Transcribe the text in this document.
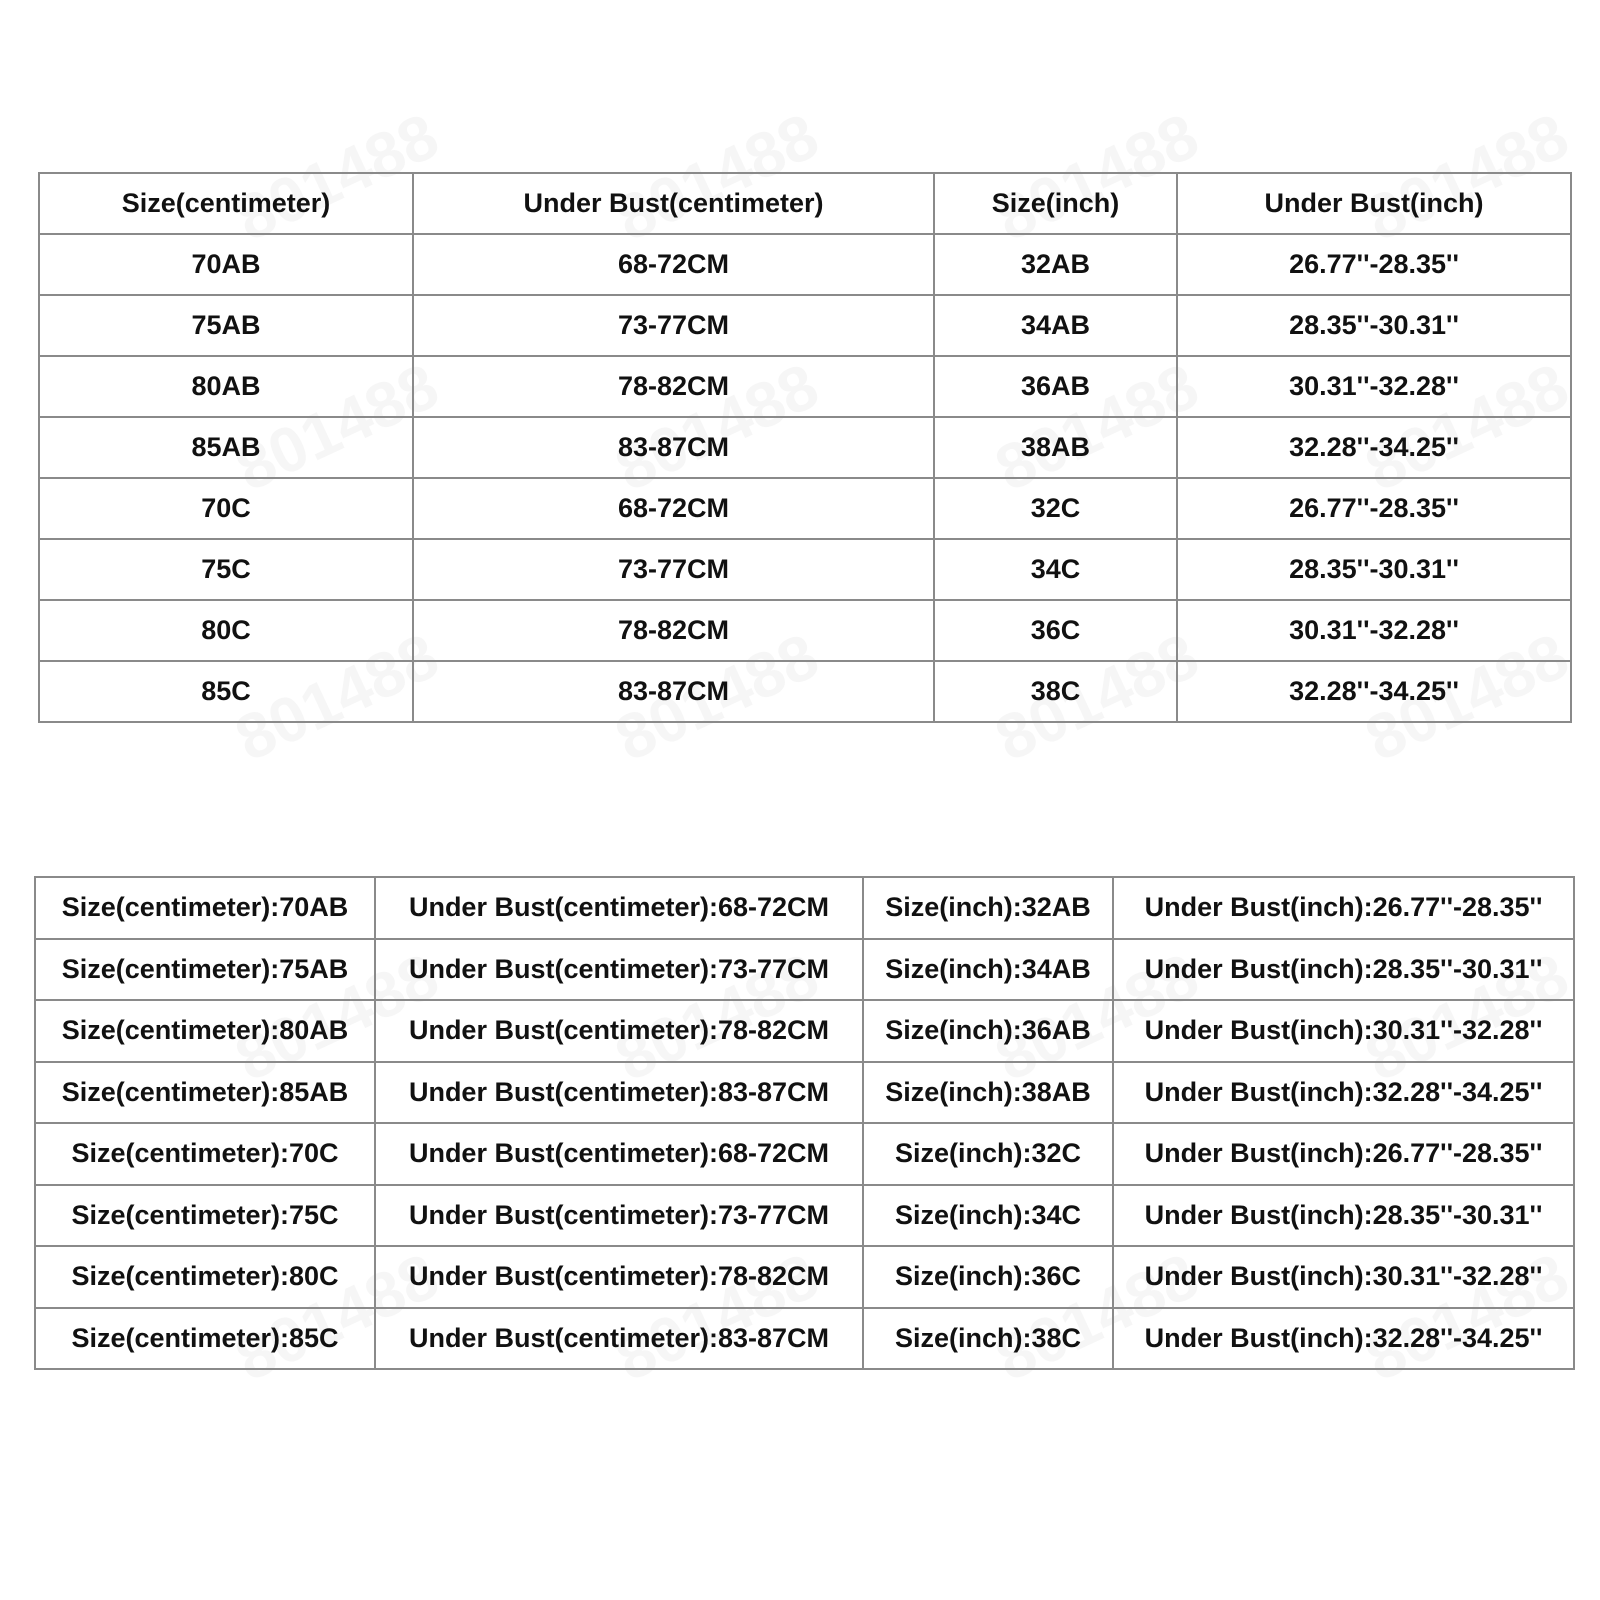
Size(centimeter)	Under Bust(centimeter)	Size(inch)	Under Bust(inch)
70AB	68-72CM	32AB	26.77''-28.35''
75AB	73-77CM	34AB	28.35''-30.31''
80AB	78-82CM	36AB	30.31''-32.28''
85AB	83-87CM	38AB	32.28''-34.25''
70C	68-72CM	32C	26.77''-28.35''
75C	73-77CM	34C	28.35''-30.31''
80C	78-82CM	36C	30.31''-32.28''
85C	83-87CM	38C	32.28''-34.25''
Size(centimeter):70AB	Under Bust(centimeter):68-72CM	Size(inch):32AB	Under Bust(inch):26.77''-28.35''
Size(centimeter):75AB	Under Bust(centimeter):73-77CM	Size(inch):34AB	Under Bust(inch):28.35''-30.31''
Size(centimeter):80AB	Under Bust(centimeter):78-82CM	Size(inch):36AB	Under Bust(inch):30.31''-32.28''
Size(centimeter):85AB	Under Bust(centimeter):83-87CM	Size(inch):38AB	Under Bust(inch):32.28''-34.25''
Size(centimeter):70C	Under Bust(centimeter):68-72CM	Size(inch):32C	Under Bust(inch):26.77''-28.35''
Size(centimeter):75C	Under Bust(centimeter):73-77CM	Size(inch):34C	Under Bust(inch):28.35''-30.31''
Size(centimeter):80C	Under Bust(centimeter):78-82CM	Size(inch):36C	Under Bust(inch):30.31''-32.28''
Size(centimeter):85C	Under Bust(centimeter):83-87CM	Size(inch):38C	Under Bust(inch):32.28''-34.25''
